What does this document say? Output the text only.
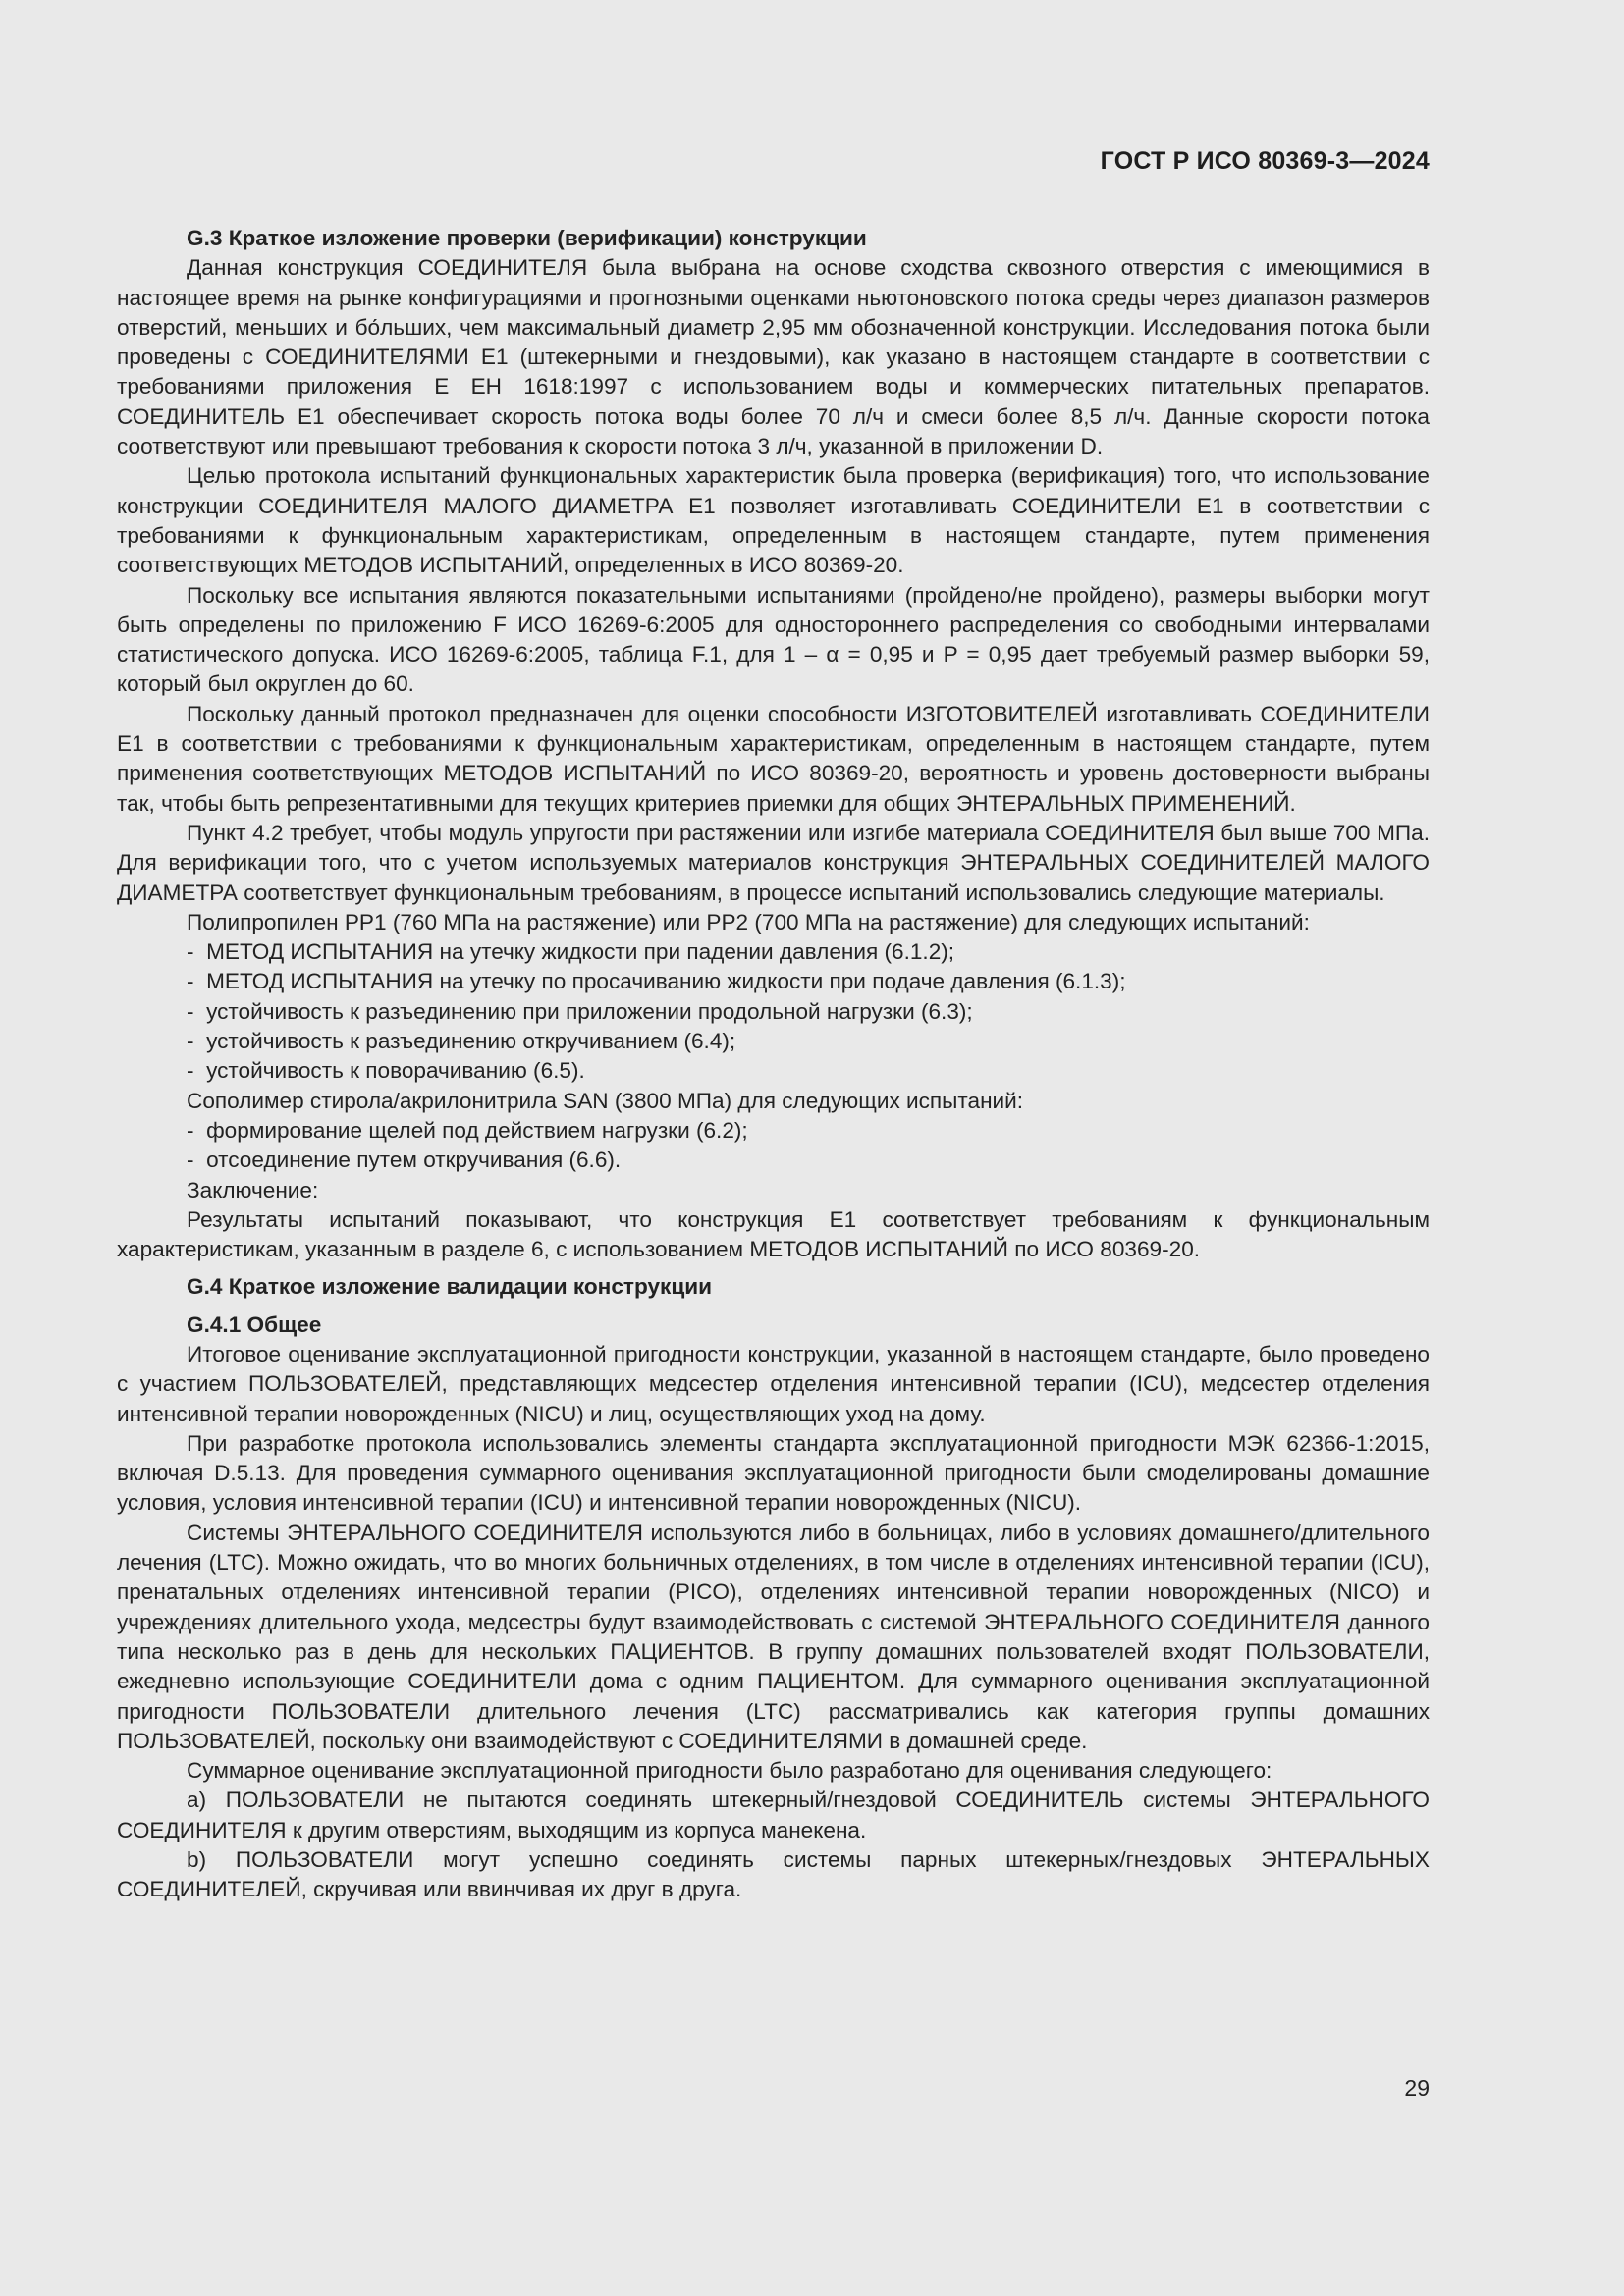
ГОСТ Р ИСО 80369-3—2024
G.3 Краткое изложение проверки (верификации) конструкции

Данная конструкция СОЕДИНИТЕЛЯ была выбрана на основе сходства сквозного отверстия с имеющимися в настоящее время на рынке конфигурациями и прогнозными оценками ньютоновского потока среды через диапазон размеров отверстий, меньших и бо́льших, чем максимальный диаметр 2,95 мм обозначенной конструкции. Исследования потока были проведены с СОЕДИНИТЕЛЯМИ E1 (штекерными и гнездовыми), как указано в настоящем стандарте в соответствии с требованиями приложения E ЕН 1618:1997 с использованием воды и коммерческих питательных препаратов. СОЕДИНИТЕЛЬ E1 обеспечивает скорость потока воды более 70 л/ч и смеси более 8,5 л/ч. Данные скорости потока соответствуют или превышают требования к скорости потока 3 л/ч, указанной в приложении D.

Целью протокола испытаний функциональных характеристик была проверка (верификация) того, что использование конструкции СОЕДИНИТЕЛЯ МАЛОГО ДИАМЕТРА E1 позволяет изготавливать СОЕДИНИТЕЛИ E1 в соответствии с требованиями к функциональным характеристикам, определенным в настоящем стандарте, путем применения соответствующих МЕТОДОВ ИСПЫТАНИЙ, определенных в ИСО 80369-20.

Поскольку все испытания являются показательными испытаниями (пройдено/не пройдено), размеры выборки могут быть определены по приложению F ИСО 16269-6:2005 для одностороннего распределения со свободными интервалами статистического допуска. ИСО 16269-6:2005, таблица F.1, для 1 – α = 0,95 и P = 0,95 дает требуемый размер выборки 59, который был округлен до 60.

Поскольку данный протокол предназначен для оценки способности ИЗГОТОВИТЕЛЕЙ изготавливать СОЕДИНИТЕЛИ E1 в соответствии с требованиями к функциональным характеристикам, определенным в настоящем стандарте, путем применения соответствующих МЕТОДОВ ИСПЫТАНИЙ по ИСО 80369-20, вероятность и уровень достоверности выбраны так, чтобы быть репрезентативными для текущих критериев приемки для общих ЭНТЕРАЛЬНЫХ ПРИМЕНЕНИЙ.

Пункт 4.2 требует, чтобы модуль упругости при растяжении или изгибе материала СОЕДИНИТЕЛЯ был выше 700 МПа. Для верификации того, что с учетом используемых материалов конструкция ЭНТЕРАЛЬНЫХ СОЕДИНИТЕЛЕЙ МАЛОГО ДИАМЕТРА соответствует функциональным требованиям, в процессе испытаний использовались следующие материалы.

Полипропилен PP1 (760 МПа на растяжение) или PP2 (700 МПа на растяжение) для следующих испытаний:
-  МЕТОД ИСПЫТАНИЯ на утечку жидкости при падении давления (6.1.2);
-  МЕТОД ИСПЫТАНИЯ на утечку по просачиванию жидкости при подаче давления (6.1.3);
-  устойчивость к разъединению при приложении продольной нагрузки (6.3);
-  устойчивость к разъединению откручиванием (6.4);
-  устойчивость к поворачиванию (6.5).
Сополимер стирола/акрилонитрила SAN (3800 МПа) для следующих испытаний:
-  формирование щелей под действием нагрузки (6.2);
-  отсоединение путем откручивания (6.6).
Заключение:

Результаты испытаний показывают, что конструкция E1 соответствует требованиям к функциональным характеристикам, указанным в разделе 6, с использованием МЕТОДОВ ИСПЫТАНИЙ по ИСО 80369-20.

G.4 Краткое изложение валидации конструкции
G.4.1 Общее

Итоговое оценивание эксплуатационной пригодности конструкции, указанной в настоящем стандарте, было проведено с участием ПОЛЬЗОВАТЕЛЕЙ, представляющих медсестер отделения интенсивной терапии (ICU), медсестер отделения интенсивной терапии новорожденных (NICU) и лиц, осуществляющих уход на дому.

При разработке протокола использовались элементы стандарта эксплуатационной пригодности МЭК 62366-1:2015, включая D.5.13. Для проведения суммарного оценивания эксплуатационной пригодности были смоделированы домашние условия, условия интенсивной терапии (ICU) и интенсивной терапии новорожденных (NICU).

Системы ЭНТЕРАЛЬНОГО СОЕДИНИТЕЛЯ используются либо в больницах, либо в условиях домашнего/длительного лечения (LTC). Можно ожидать, что во многих больничных отделениях, в том числе в отделениях интенсивной терапии (ICU), пренатальных отделениях интенсивной терапии (PICO), отделениях интенсивной терапии новорожденных (NICO) и учреждениях длительного ухода, медсестры будут взаимодействовать с системой ЭНТЕРАЛЬНОГО СОЕДИНИТЕЛЯ данного типа несколько раз в день для нескольких ПАЦИЕНТОВ. В группу домашних пользователей входят ПОЛЬЗОВАТЕЛИ, ежедневно использующие СОЕДИНИТЕЛИ дома с одним ПАЦИЕНТОМ. Для суммарного оценивания эксплуатационной пригодности ПОЛЬЗОВАТЕЛИ длительного лечения (LTC) рассматривались как категория группы домашних ПОЛЬЗОВАТЕЛЕЙ, поскольку они взаимодействуют с СОЕДИНИТЕЛЯМИ в домашней среде.

Суммарное оценивание эксплуатационной пригодности было разработано для оценивания следующего:

a) ПОЛЬЗОВАТЕЛИ не пытаются соединять штекерный/гнездовой СОЕДИНИТЕЛЬ системы ЭНТЕРАЛЬНОГО СОЕДИНИТЕЛЯ к другим отверстиям, выходящим из корпуса манекена.

b) ПОЛЬЗОВАТЕЛИ могут успешно соединять системы парных штекерных/гнездовых ЭНТЕРАЛЬНЫХ СОЕДИНИТЕЛЕЙ, скручивая или ввинчивая их друг в друга.

29
